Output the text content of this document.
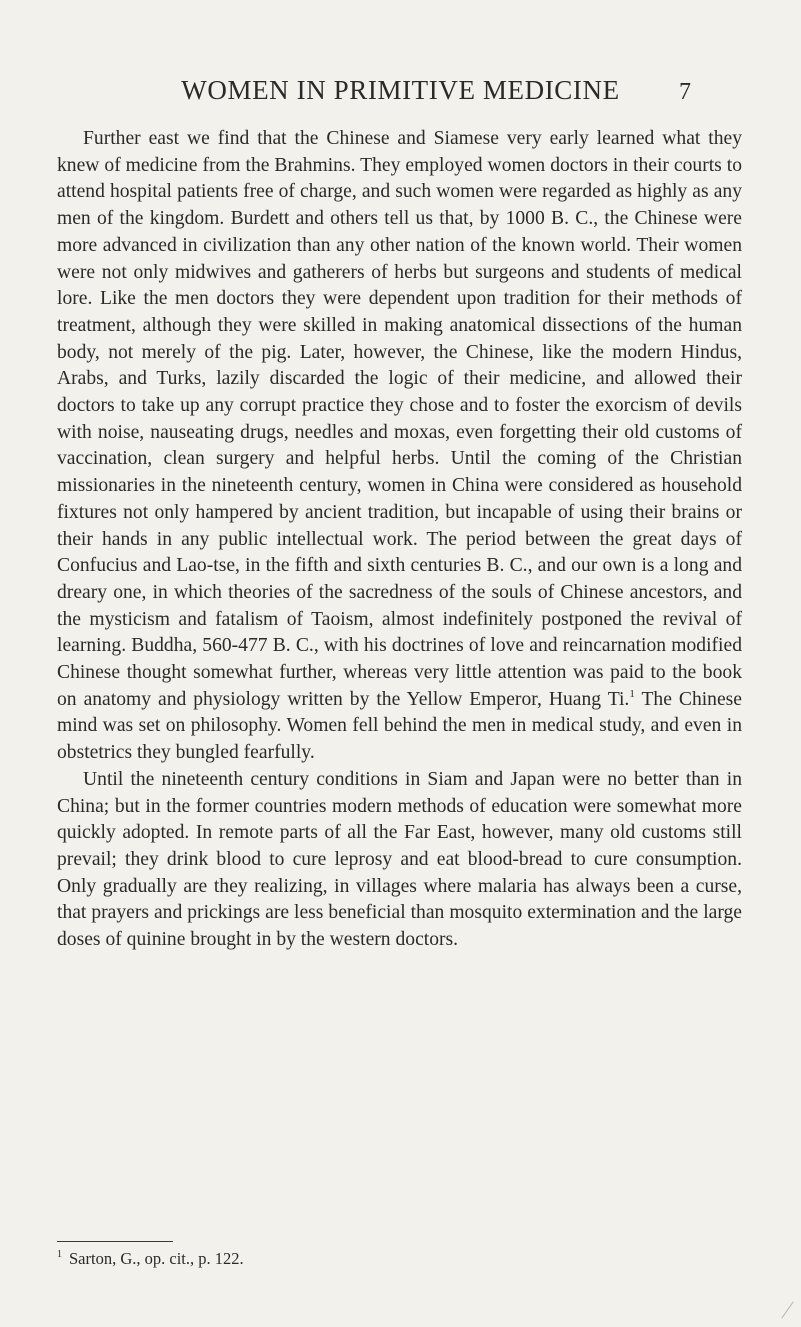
WOMEN IN PRIMITIVE MEDICINE	7

Further east we find that the Chinese and Siamese very early learned what they knew of medicine from the Brahmins. They employed women doctors in their courts to attend hospital patients free of charge, and such women were regarded as highly as any men of the kingdom. Burdett and others tell us that, by 1000 B. C., the Chinese were more advanced in civilization than any other nation of the known world. Their women were not only midwives and gatherers of herbs but surgeons and students of medical lore. Like the men doctors they were dependent upon tradition for their methods of treatment, although they were skilled in making anatomical dissections of the human body, not merely of the pig. Later, however, the Chinese, like the modern Hindus, Arabs, and Turks, lazily discarded the logic of their medicine, and allowed their doctors to take up any corrupt practice they chose and to foster the exorcism of devils with noise, nauseating drugs, needles and moxas, even forgetting their old customs of vaccination, clean surgery and helpful herbs. Until the coming of the Christian missionaries in the nineteenth century, women in China were considered as household fixtures not only hampered by ancient tradition, but incapable of using their brains or their hands in any public intellectual work. The period between the great days of Confucius and Lao-tse, in the fifth and sixth centuries B. C., and our own is a long and dreary one, in which theories of the sacredness of the souls of Chinese ancestors, and the mysticism and fatalism of Taoism, almost indefinitely postponed the revival of learning. Buddha, 560-477 B. C., with his doctrines of love and reincarnation modified Chinese thought somewhat further, whereas very little attention was paid to the book on anatomy and physiology written by the Yellow Emperor, Huang Ti.$^1$ The Chinese mind was set on philosophy. Women fell behind the men in medical study, and even in obstetrics they bungled fearfully.

Until the nineteenth century conditions in Siam and Japan were no better than in China; but in the former countries modern methods of education were somewhat more quickly adopted. In remote parts of all the Far East, however, many old customs still prevail; they drink blood to cure leprosy and eat blood-bread to cure consumption. Only gradually are they realizing, in villages where malaria has always been a curse, that prayers and prickings are less beneficial than mosquito extermination and the large doses of quinine brought in by the western doctors.

$^1$ Sarton, G., op. cit., p. 122.
